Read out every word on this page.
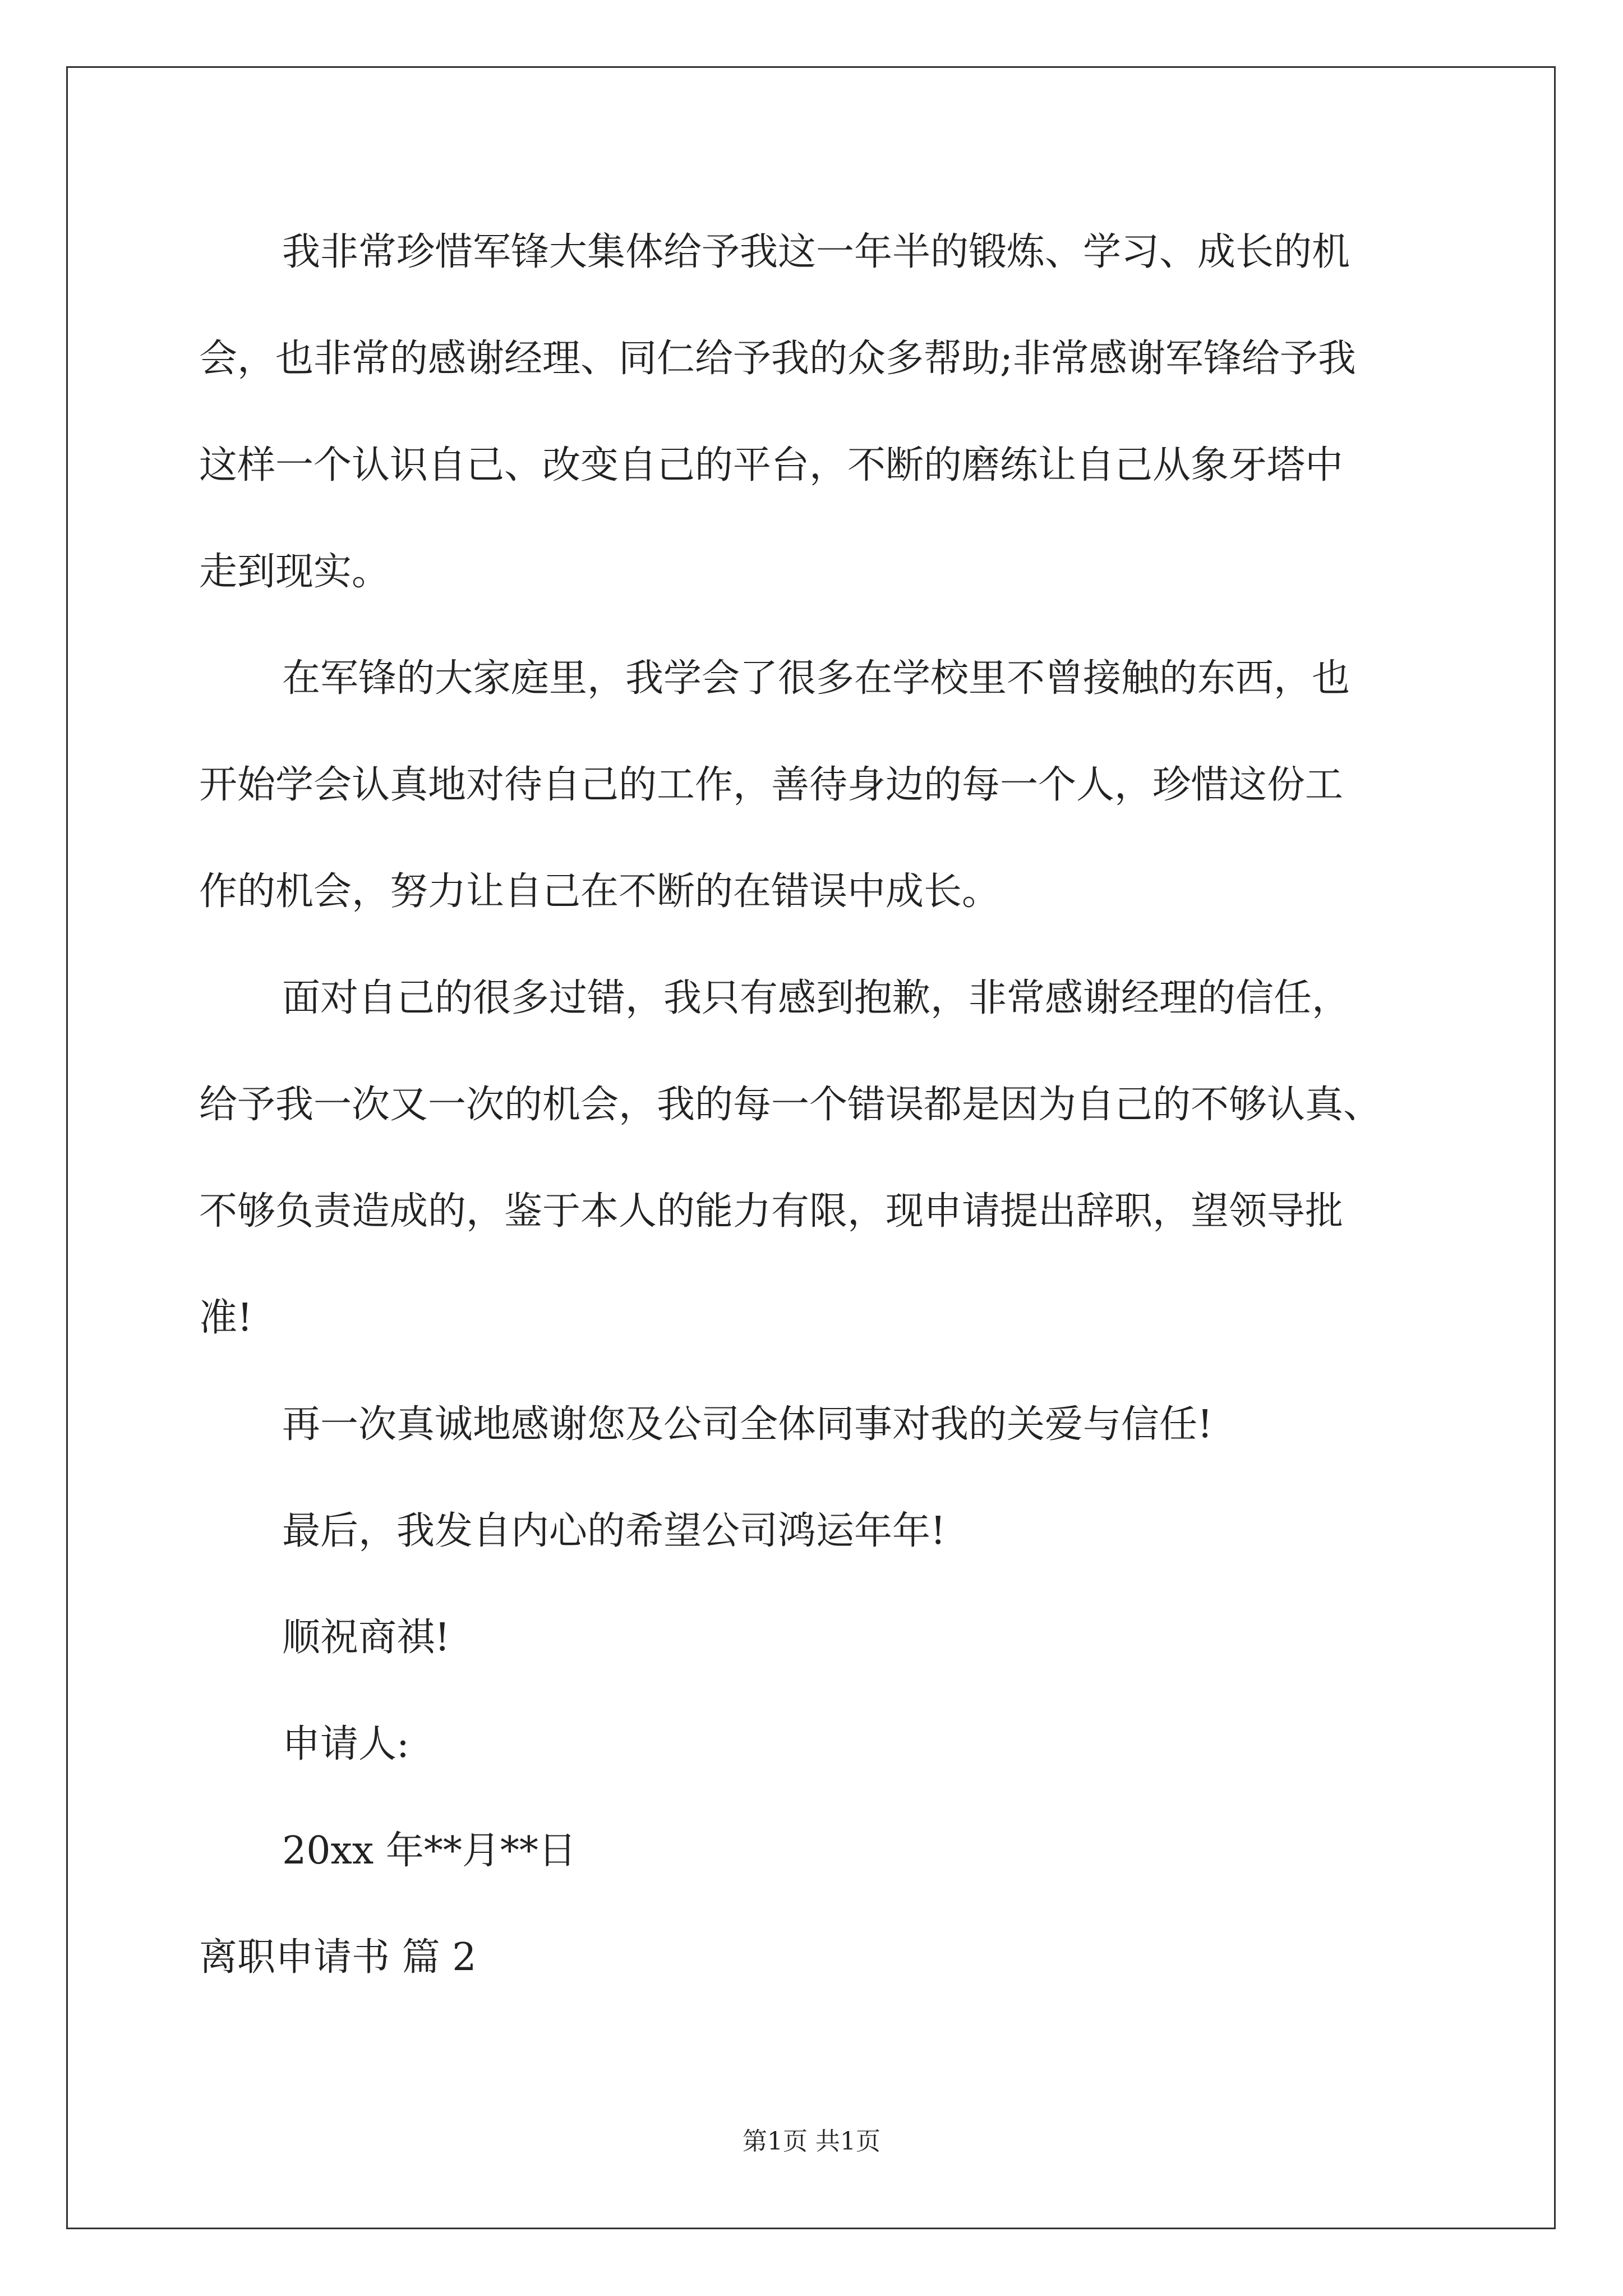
我非常珍惜军锋大集体给予我这一年半的锻炼、学习、成长的机
会，也非常的感谢经理、同仁给予我的众多帮助;非常感谢军锋给予我
这样一个认识自己、改变自己的平台，不断的磨练让自己从象牙塔中
走到现实。
在军锋的大家庭里，我学会了很多在学校里不曾接触的东西，也
开始学会认真地对待自己的工作，善待身边的每一个人，珍惜这份工
作的机会，努力让自己在不断的在错误中成长。
面对自己的很多过错，我只有感到抱歉，非常感谢经理的信任，
给予我一次又一次的机会，我的每一个错误都是因为自己的不够认真、
不够负责造成的，鉴于本人的能力有限，现申请提出辞职，望领导批
准!
再一次真诚地感谢您及公司全体同事对我的关爱与信任!
最后，我发自内心的希望公司鸿运年年!
顺祝商祺!
申请人:
20xx 年**月**日
离职申请书 篇 2
第1页 共1页
